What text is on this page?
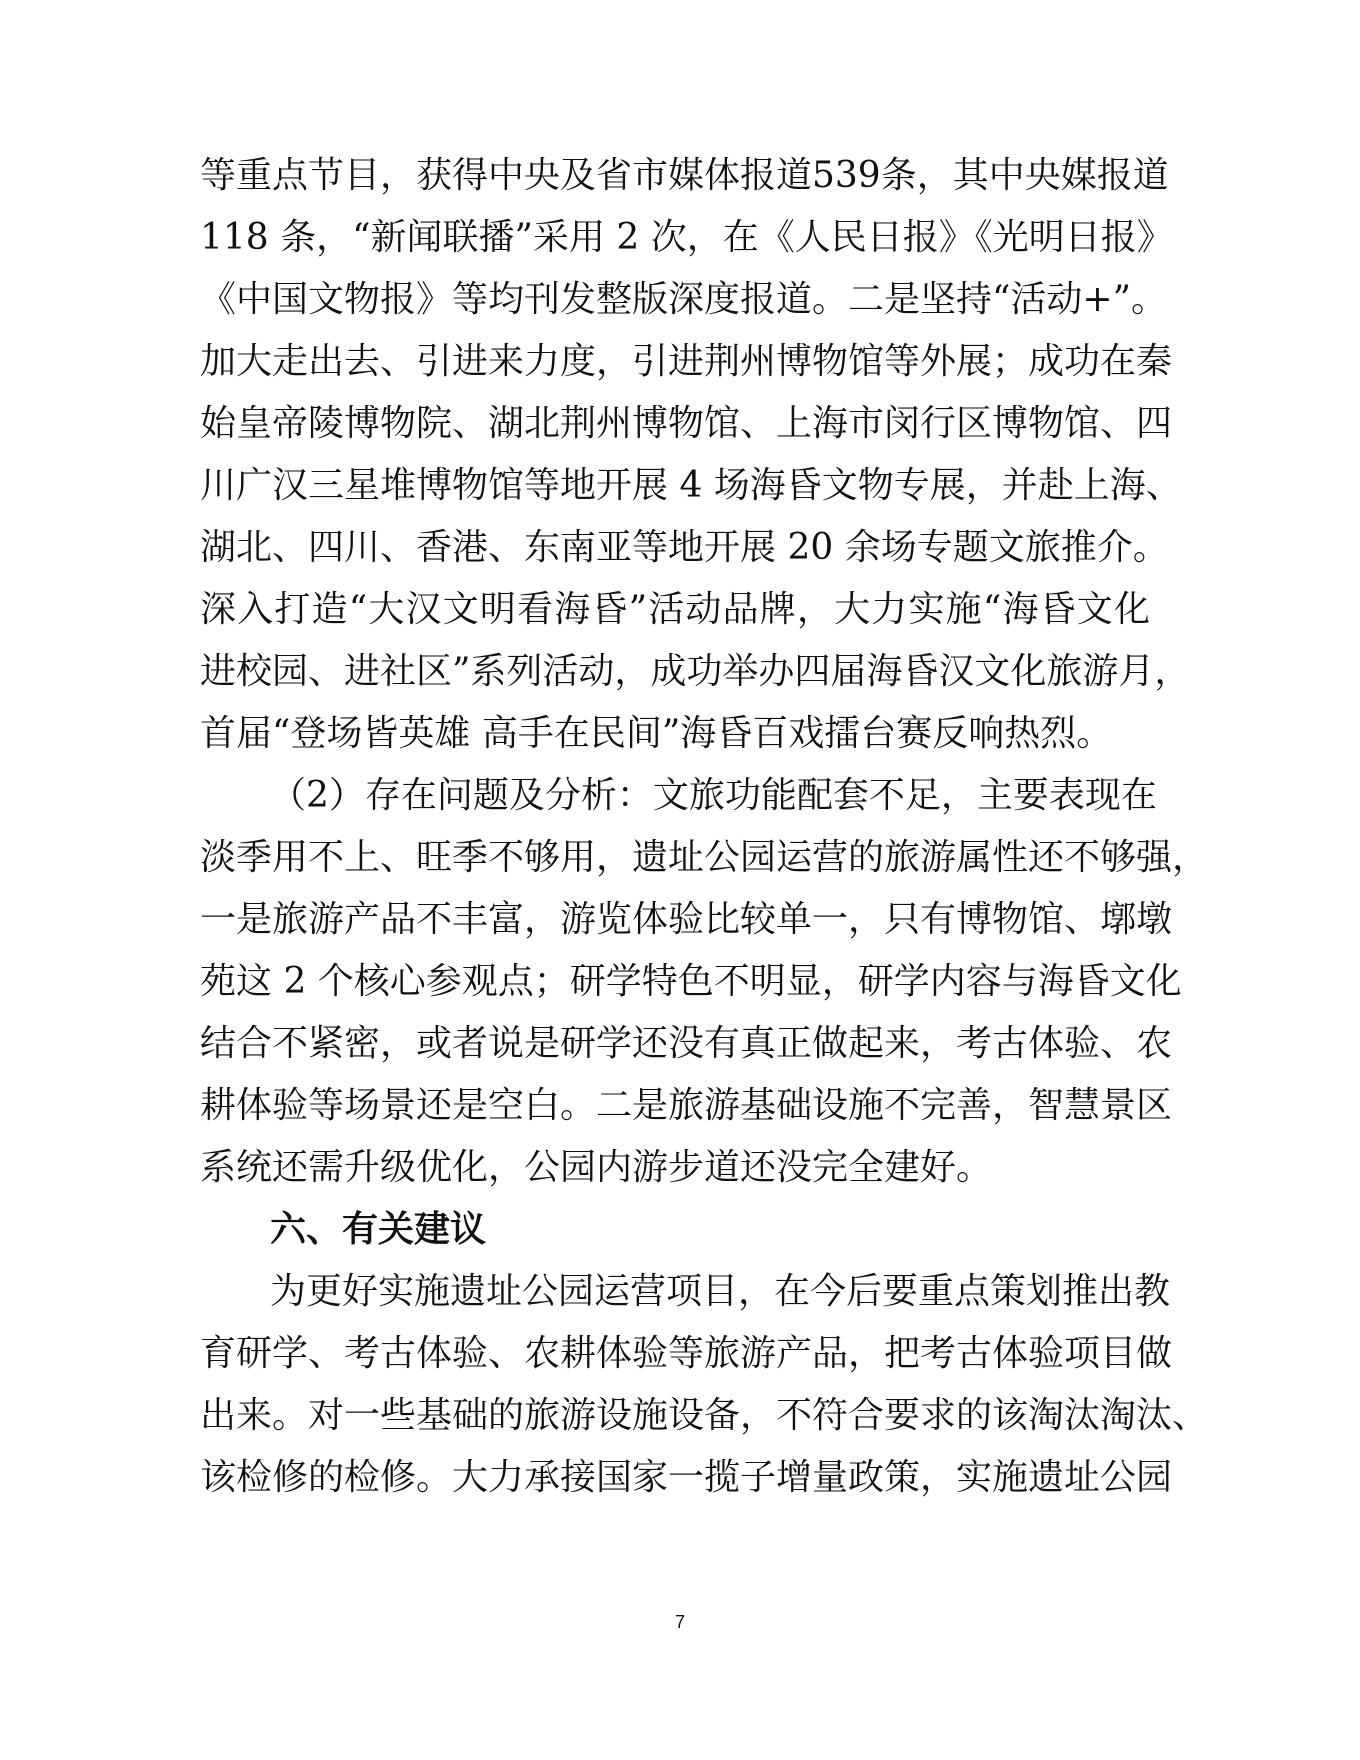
等重点节目，获得中央及省市媒体报道539条，其中央媒报道

118 条，“新闻联播”采用 2 次，在《人民日报》《光明日报》

《中国文物报》等均刊发整版深度报道。二是坚持“活动+”。

加大走出去、引进来力度，引进荆州博物馆等外展；成功在秦

始皇帝陵博物院、湖北荆州博物馆、上海市闵行区博物馆、四

川广汉三星堆博物馆等地开展 4 场海昏文物专展，并赴上海、

湖北、四川、香港、东南亚等地开展 20 余场专题文旅推介。

深入打造“大汉文明看海昏”活动品牌，大力实施“海昏文化

进校园、进社区”系列活动，成功举办四届海昏汉文化旅游月，

首届“登场皆英雄 高手在民间”海昏百戏擂台赛反响热烈。

（2）存在问题及分析：文旅功能配套不足，主要表现在

淡季用不上、旺季不够用，遗址公园运营的旅游属性还不够强，

一是旅游产品不丰富，游览体验比较单一，只有博物馆、墎墩

苑这 2 个核心参观点；研学特色不明显，研学内容与海昏文化

结合不紧密，或者说是研学还没有真正做起来，考古体验、农

耕体验等场景还是空白。二是旅游基础设施不完善，智慧景区

系统还需升级优化，公园内游步道还没完全建好。

六、有关建议

为更好实施遗址公园运营项目，在今后要重点策划推出教

育研学、考古体验、农耕体验等旅游产品，把考古体验项目做

出来。对一些基础的旅游设施设备，不符合要求的该淘汰淘汰、

该检修的检修。大力承接国家一揽子增量政策，实施遗址公园

7
